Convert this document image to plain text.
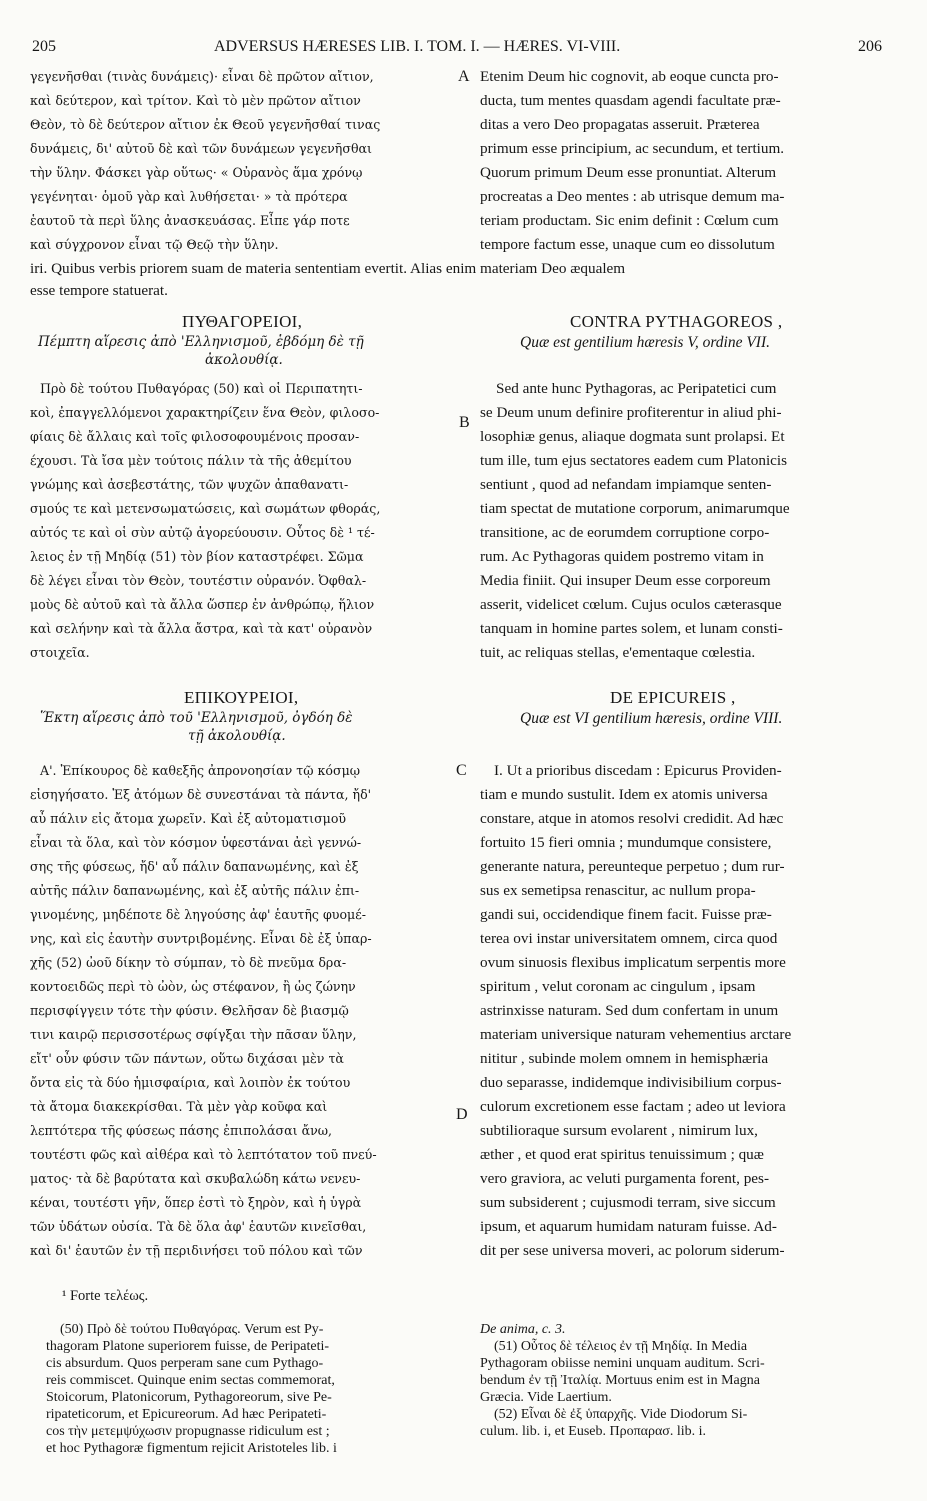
205	ADVERSUS HÆRESES LIB. I. TOM. I. — HÆRES. VI-VIII.	206
A
B
C
D
γεγενῆσθαι (τινὰς δυνάμεις)· εἶναι δὲ πρῶτον αἴτιον,
καὶ δεύτερον, καὶ τρίτον. Καὶ τὸ μὲν πρῶτον αἴτιον
Θεὸν, τὸ δὲ δεύτερον αἴτιον ἐκ Θεοῦ γεγενῆσθαί τινας
δυνάμεις, δι' αὐτοῦ δὲ καὶ τῶν δυνάμεων γεγενῆσθαι
τὴν ὕλην. Φάσκει γὰρ οὕτως· « Οὐρανὸς ἅμα χρόνῳ
γεγένηται· ὁμοῦ γὰρ καὶ λυθήσεται· » τὰ πρότερα
ἑαυτοῦ τὰ περὶ ὕλης ἀνασκευάσας. Εἶπε γάρ ποτε
καὶ σύγχρονον εἶναι τῷ Θεῷ τὴν ὕλην.
Etenim Deum hic cognovit, ab eoque cuncta pro-
ducta, tum mentes quasdam agendi facultate præ-
ditas a vero Deo propagatas asseruit. Præterea
primum esse principium, ac secundum, et tertium.
Quorum primum Deum esse pronuntiat. Alterum
procreatas a Deo mentes : ab utrisque demum ma-
teriam productam. Sic enim definit : Cœlum cum
tempore factum esse, unaque cum eo dissolutum
iri. Quibus verbis priorem suam de materia sententiam evertit. Alias enim materiam Deo æqualem
esse tempore statuerat.
ΠΥΘΑΓΟΡΕΙΟΙ,
Πέμπτη αἵρεσις ἀπὸ 'Ελληνισμοῦ, ἑβδόμη δὲ τῇ
ἀκολουθίᾳ.
CONTRA PYTHAGOREOS ,
Quæ est gentilium hæresis V, ordine VII.
Πρὸ δὲ τούτου Πυθαγόρας (50) καὶ οἱ Περιπατητι-
κοὶ, ἐπαγγελλόμενοι χαρακτηρίζειν ἕνα Θεὸν, φιλοσο-
φίαις δὲ ἄλλαις καὶ τοῖς φιλοσοφουμένοις προσαν-
έχουσι. Τὰ ἴσα μὲν τούτοις πάλιν τὰ τῆς ἀθεμίτου
γνώμης καὶ ἀσεβεστάτης, τῶν ψυχῶν ἀπαθανατι-
σμούς τε καὶ μετενσωματώσεις, καὶ σωμάτων φθοράς,
αὐτός τε καὶ οἱ σὺν αὐτῷ ἀγορεύουσιν. Οὗτος δὲ ¹ τέ-
λειος ἐν τῇ Μηδίᾳ (51) τὸν βίον καταστρέφει. Σῶμα
δὲ λέγει εἶναι τὸν Θεὸν, τουτέστιν οὐρανόν. Ὀφθαλ-
μοὺς δὲ αὐτοῦ καὶ τὰ ἄλλα ὥσπερ ἐν ἀνθρώπῳ, ἥλιον
καὶ σελήνην καὶ τὰ ἄλλα ἄστρα, καὶ τὰ κατ' οὐρανὸν
στοιχεῖα.
Sed ante hunc Pythagoras, ac Peripatetici cum
se Deum unum definire profiterentur in aliud phi-
losophiæ genus, aliaque dogmata sunt prolapsi. Et
tum ille, tum ejus sectatores eadem cum Platonicis
sentiunt , quod ad nefandam impiamque senten-
tiam spectat de mutatione corporum, animarumque
transitione, ac de eorumdem corruptione corpo-
rum. Ac Pythagoras quidem postremo vitam in
Media finiit. Qui insuper Deum esse corporeum
asserit, videlicet cœlum. Cujus oculos cæterasque
tanquam in homine partes solem, et lunam consti-
tuit, ac reliquas stellas, e'ementaque cœlestia.
ΕΠΙΚΟΥΡΕΙΟΙ,
Ἕκτη αἵρεσις ἀπὸ τοῦ 'Ελληνισμοῦ, ὀγδόη δὲ
τῇ ἀκολουθίᾳ.
DE EPICUREIS ,
Quæ est VI gentilium hæresis, ordine VIII.
Α'. Ἐπίκουρος δὲ καθεξῆς ἀπρονοησίαν τῷ κόσμῳ
εἰσηγήσατο. Ἐξ ἀτόμων δὲ συνεστάναι τὰ πάντα, ἤδ'
αὖ πάλιν εἰς ἄτομα χωρεῖν. Καὶ ἐξ αὐτοματισμοῦ
εἶναι τὰ ὅλα, καὶ τὸν κόσμον ὑφεστάναι ἀεὶ γεννώ-
σης τῆς φύσεως, ἤδ' αὖ πάλιν δαπανωμένης, καὶ ἐξ
αὐτῆς πάλιν δαπανωμένης, καὶ ἐξ αὐτῆς πάλιν ἐπι-
γινομένης, μηδέποτε δὲ ληγούσης ἀφ' ἑαυτῆς φυομέ-
νης, καὶ εἰς ἑαυτὴν συντριβομένης. Εἶναι δὲ ἐξ ὑπαρ-
χῆς (52) ὠοῦ δίκην τὸ σύμπαν, τὸ δὲ πνεῦμα δρα-
κοντοειδῶς περὶ τὸ ὠὸν, ὡς στέφανον, ἢ ὡς ζώνην
περισφίγγειν τότε τὴν φύσιν. Θελῆσαν δὲ βιασμῷ
τινι καιρῷ περισσοτέρως σφίγξαι τὴν πᾶσαν ὕλην,
εἴτ' οὖν φύσιν τῶν πάντων, οὕτω διχάσαι μὲν τὰ
ὄντα εἰς τὰ δύο ἡμισφαίρια, καὶ λοιπὸν ἐκ τούτου
τὰ ἄτομα διακεκρίσθαι. Τὰ μὲν γὰρ κοῦφα καὶ
λεπτότερα τῆς φύσεως πάσης ἐπιπολάσαι ἄνω,
τουτέστι φῶς καὶ αἰθέρα καὶ τὸ λεπτότατον τοῦ πνεύ-
ματος· τὰ δὲ βαρύτατα καὶ σκυβαλώδη κάτω νενευ-
κέναι, τουτέστι γῆν, ὅπερ ἐστὶ τὸ ξηρὸν, καὶ ἡ ὑγρὰ
τῶν ὑδάτων οὐσία. Τὰ δὲ ὅλα ἀφ' ἑαυτῶν κινεῖσθαι,
καὶ δι' ἑαυτῶν ἐν τῇ περιδινήσει τοῦ πόλου καὶ τῶν
I. Ut a prioribus discedam : Epicurus Providen-
tiam e mundo sustulit. Idem ex atomis universa
constare, atque in atomos resolvi credidit. Ad hæc
fortuito 15 fieri omnia ; mundumque consistere,
generante natura, pereunteque perpetuo ; dum rur-
sus ex semetipsa renascitur, ac nullum propa-
gandi sui, occidendique finem facit. Fuisse præ-
terea ovi instar universitatem omnem, circa quod
ovum sinuosis flexibus implicatum serpentis more
spiritum , velut coronam ac cingulum , ipsam
astrinxisse naturam. Sed dum confertam in unum
materiam universique naturam vehementius arctare
nititur , subinde molem omnem in hemisphæria
duo separasse, indidemque indivisibilium corpus-
culorum excretionem esse factam ; adeo ut leviora
subtilioraque sursum evolarent , nimirum lux,
æther , et quod erat spiritus tenuissimum ; quæ
vero graviora, ac veluti purgamenta forent, pes-
sum subsiderent ; cujusmodi terram, sive siccum
ipsum, et aquarum humidam naturam fuisse. Ad-
dit per sese universa moveri, ac polorum siderum-
¹ Forte τελέως.
(50) Πρὸ δὲ τούτου Πυθαγόρας. Verum est Py-
thagoram Platone superiorem fuisse, de Peripateti-
cis absurdum. Quos perperam sane cum Pythago-
reis commiscet. Quinque enim sectas commemorat,
Stoicorum, Platonicorum, Pythagoreorum, sive Pe-
ripateticorum, et Epicureorum. Ad hæc Peripateti-
cos τὴν μετεμψύχωσιν propugnasse ridiculum est ;
et hoc Pythagoræ figmentum rejicit Aristoteles lib. i
De anima, c. 3.
(51) Οὗτος δὲ τέλειος ἐν τῇ Μηδίᾳ. In Media
Pythagoram obiisse nemini unquam auditum. Scri-
bendum ἐν τῇ Ἰταλίᾳ. Mortuus enim est in Magna
Græcia. Vide Laertium.
(52) Εἶναι δὲ ἐξ ὑπαρχῆς. Vide Diodorum Si-
culum. lib. i, et Euseb. Προπαρασ. lib. i.
